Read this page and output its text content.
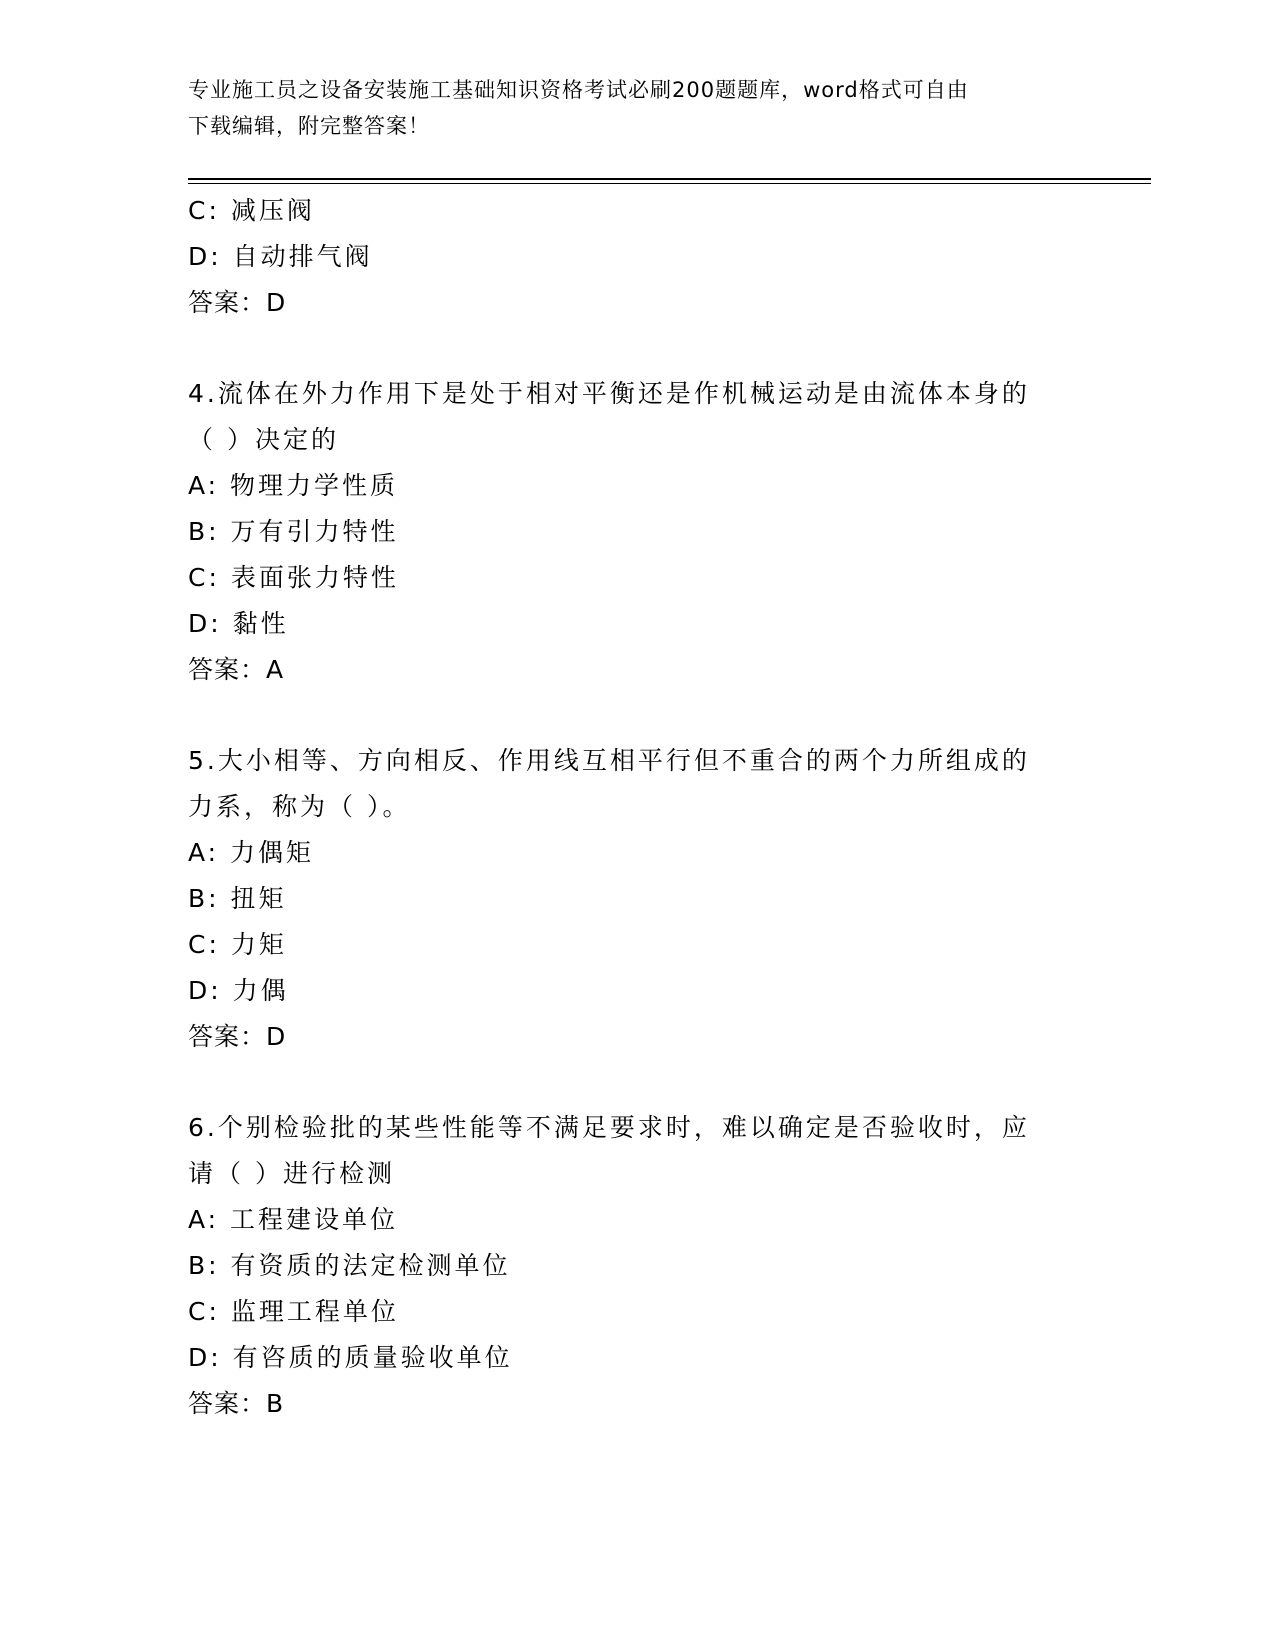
专业施工员之设备安装施工基础知识资格考试必刷200题题库，word格式可自由
下载编辑，附完整答案！
C: 减压阀
D: 自动排气阀
答案：D
4.流体在外力作用下是处于相对平衡还是作机械运动是由流体本身的
（ ）决定的
A: 物理力学性质
B: 万有引力特性
C: 表面张力特性
D: 黏性
答案：A
5.大小相等、方向相反、作用线互相平行但不重合的两个力所组成的
力系，称为（ ）。
A: 力偶矩
B: 扭矩
C: 力矩
D: 力偶
答案：D
6.个别检验批的某些性能等不满足要求时，难以确定是否验收时，应
请（ ）进行检测
A: 工程建设单位
B: 有资质的法定检测单位
C: 监理工程单位
D: 有咨质的质量验收单位
答案：B
